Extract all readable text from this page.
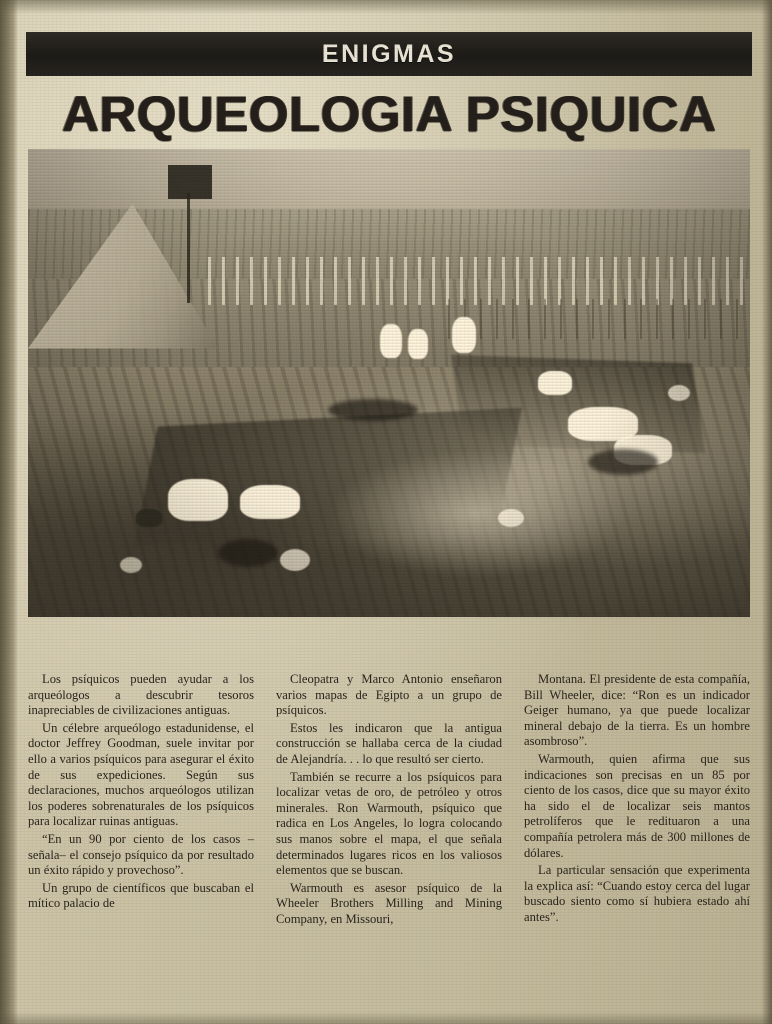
ENIGMAS
ARQUEOLOGIA PSIQUICA

Los psíquicos pueden ayudar a los arqueólogos a descubrir tesoros inapreciables de civilizaciones antiguas.

Un célebre arqueólogo estadunidense, el doctor Jeffrey Goodman, suele invitar por ello a varios psíquicos para asegurar el éxito de sus expediciones. Según sus declaraciones, muchos arqueólogos utilizan los poderes sobrenaturales de los psíquicos para localizar ruinas antiguas.

“En un 90 por ciento de los casos –señala– el consejo psíquico da por resultado un éxito rápido y provechoso”.

Un grupo de científicos que buscaban el mítico palacio de

Cleopatra y Marco Antonio enseñaron varios mapas de Egipto a un grupo de psíquicos.

Estos les indicaron que la antigua construcción se hallaba cerca de la ciudad de Alejandría. . . lo que resultó ser cierto.

También se recurre a los psíquicos para localizar vetas de oro, de petróleo y otros minerales. Ron Warmouth, psíquico que radica en Los Angeles, lo logra colocando sus manos sobre el mapa, el que señala determinados lugares ricos en los valiosos elementos que se buscan.

Warmouth es asesor psíquico de la Wheeler Brothers Milling and Mining Company, en Missouri,

Montana. El presidente de esta compañía, Bill Wheeler, dice: “Ron es un indicador Geiger humano, ya que puede localizar mineral debajo de la tierra. Es un hombre asombroso”.

Warmouth, quien afirma que sus indicaciones son precisas en un 85 por ciento de los casos, dice que su mayor éxito ha sido el de localizar seis mantos petrolíferos que le redituaron a una compañía petrolera más de 300 millones de dólares.

La particular sensación que experimenta la explica así: “Cuando estoy cerca del lugar buscado siento como sí hubiera estado ahí antes”.
